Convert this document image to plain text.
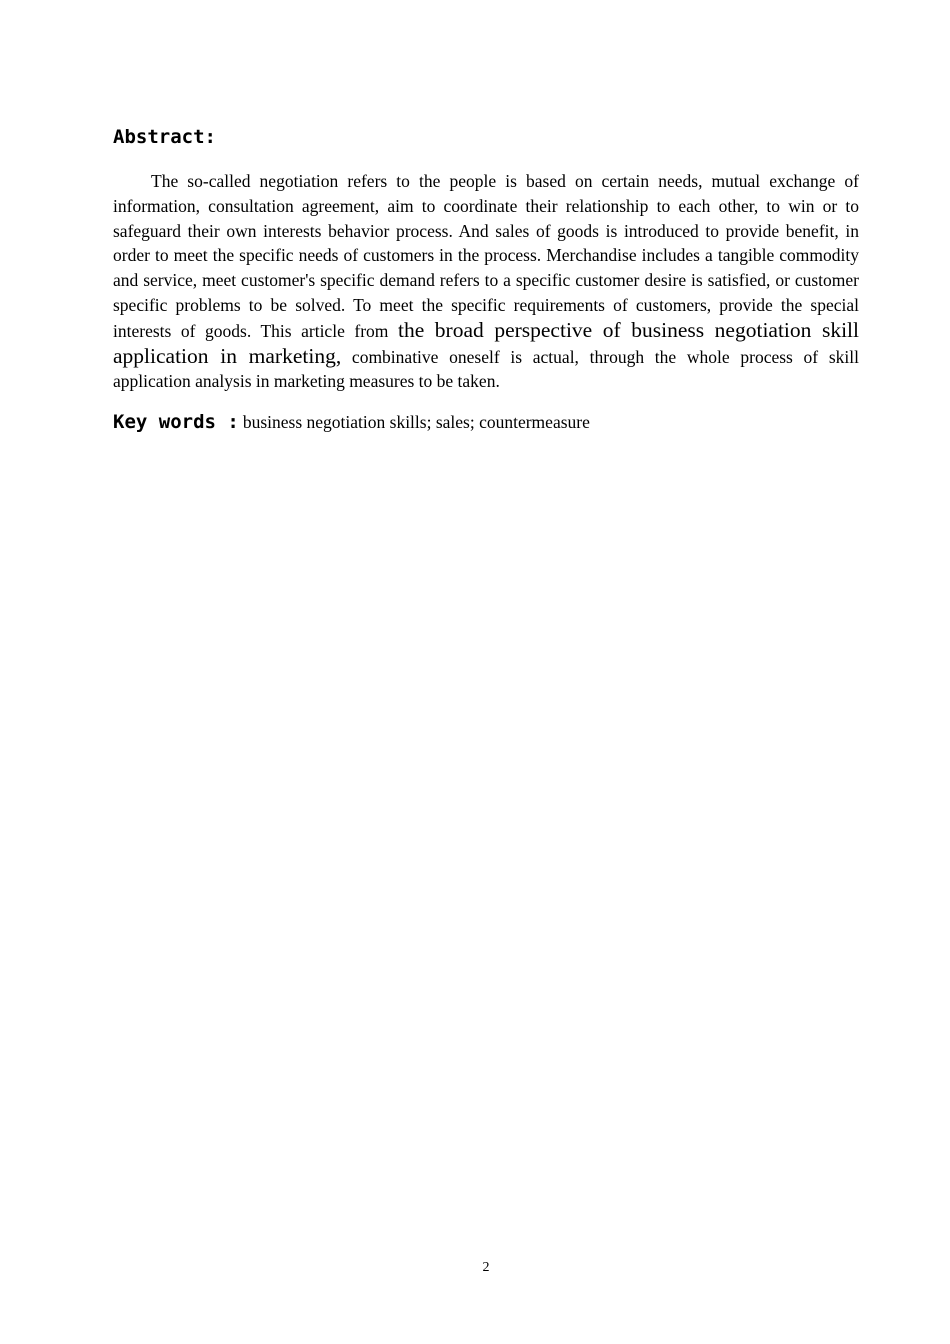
Abstract:

The so-called negotiation refers to the people is based on certain needs, mutual exchange of information, consultation agreement, aim to coordinate their relationship to each other, to win or to safeguard their own interests behavior process. And sales of goods is introduced to provide benefit, in order to meet the specific needs of customers in the process. Merchandise includes a tangible commodity and service, meet customer's specific demand refers to a specific customer desire is satisfied, or customer specific problems to be solved. To meet the specific requirements of customers, provide the special interests of goods. This article from the broad perspective of business negotiation skill application in marketing, combinative oneself is actual, through the whole process of skill application analysis in marketing measures to be taken.

Key words : business negotiation skills; sales; countermeasure

2
